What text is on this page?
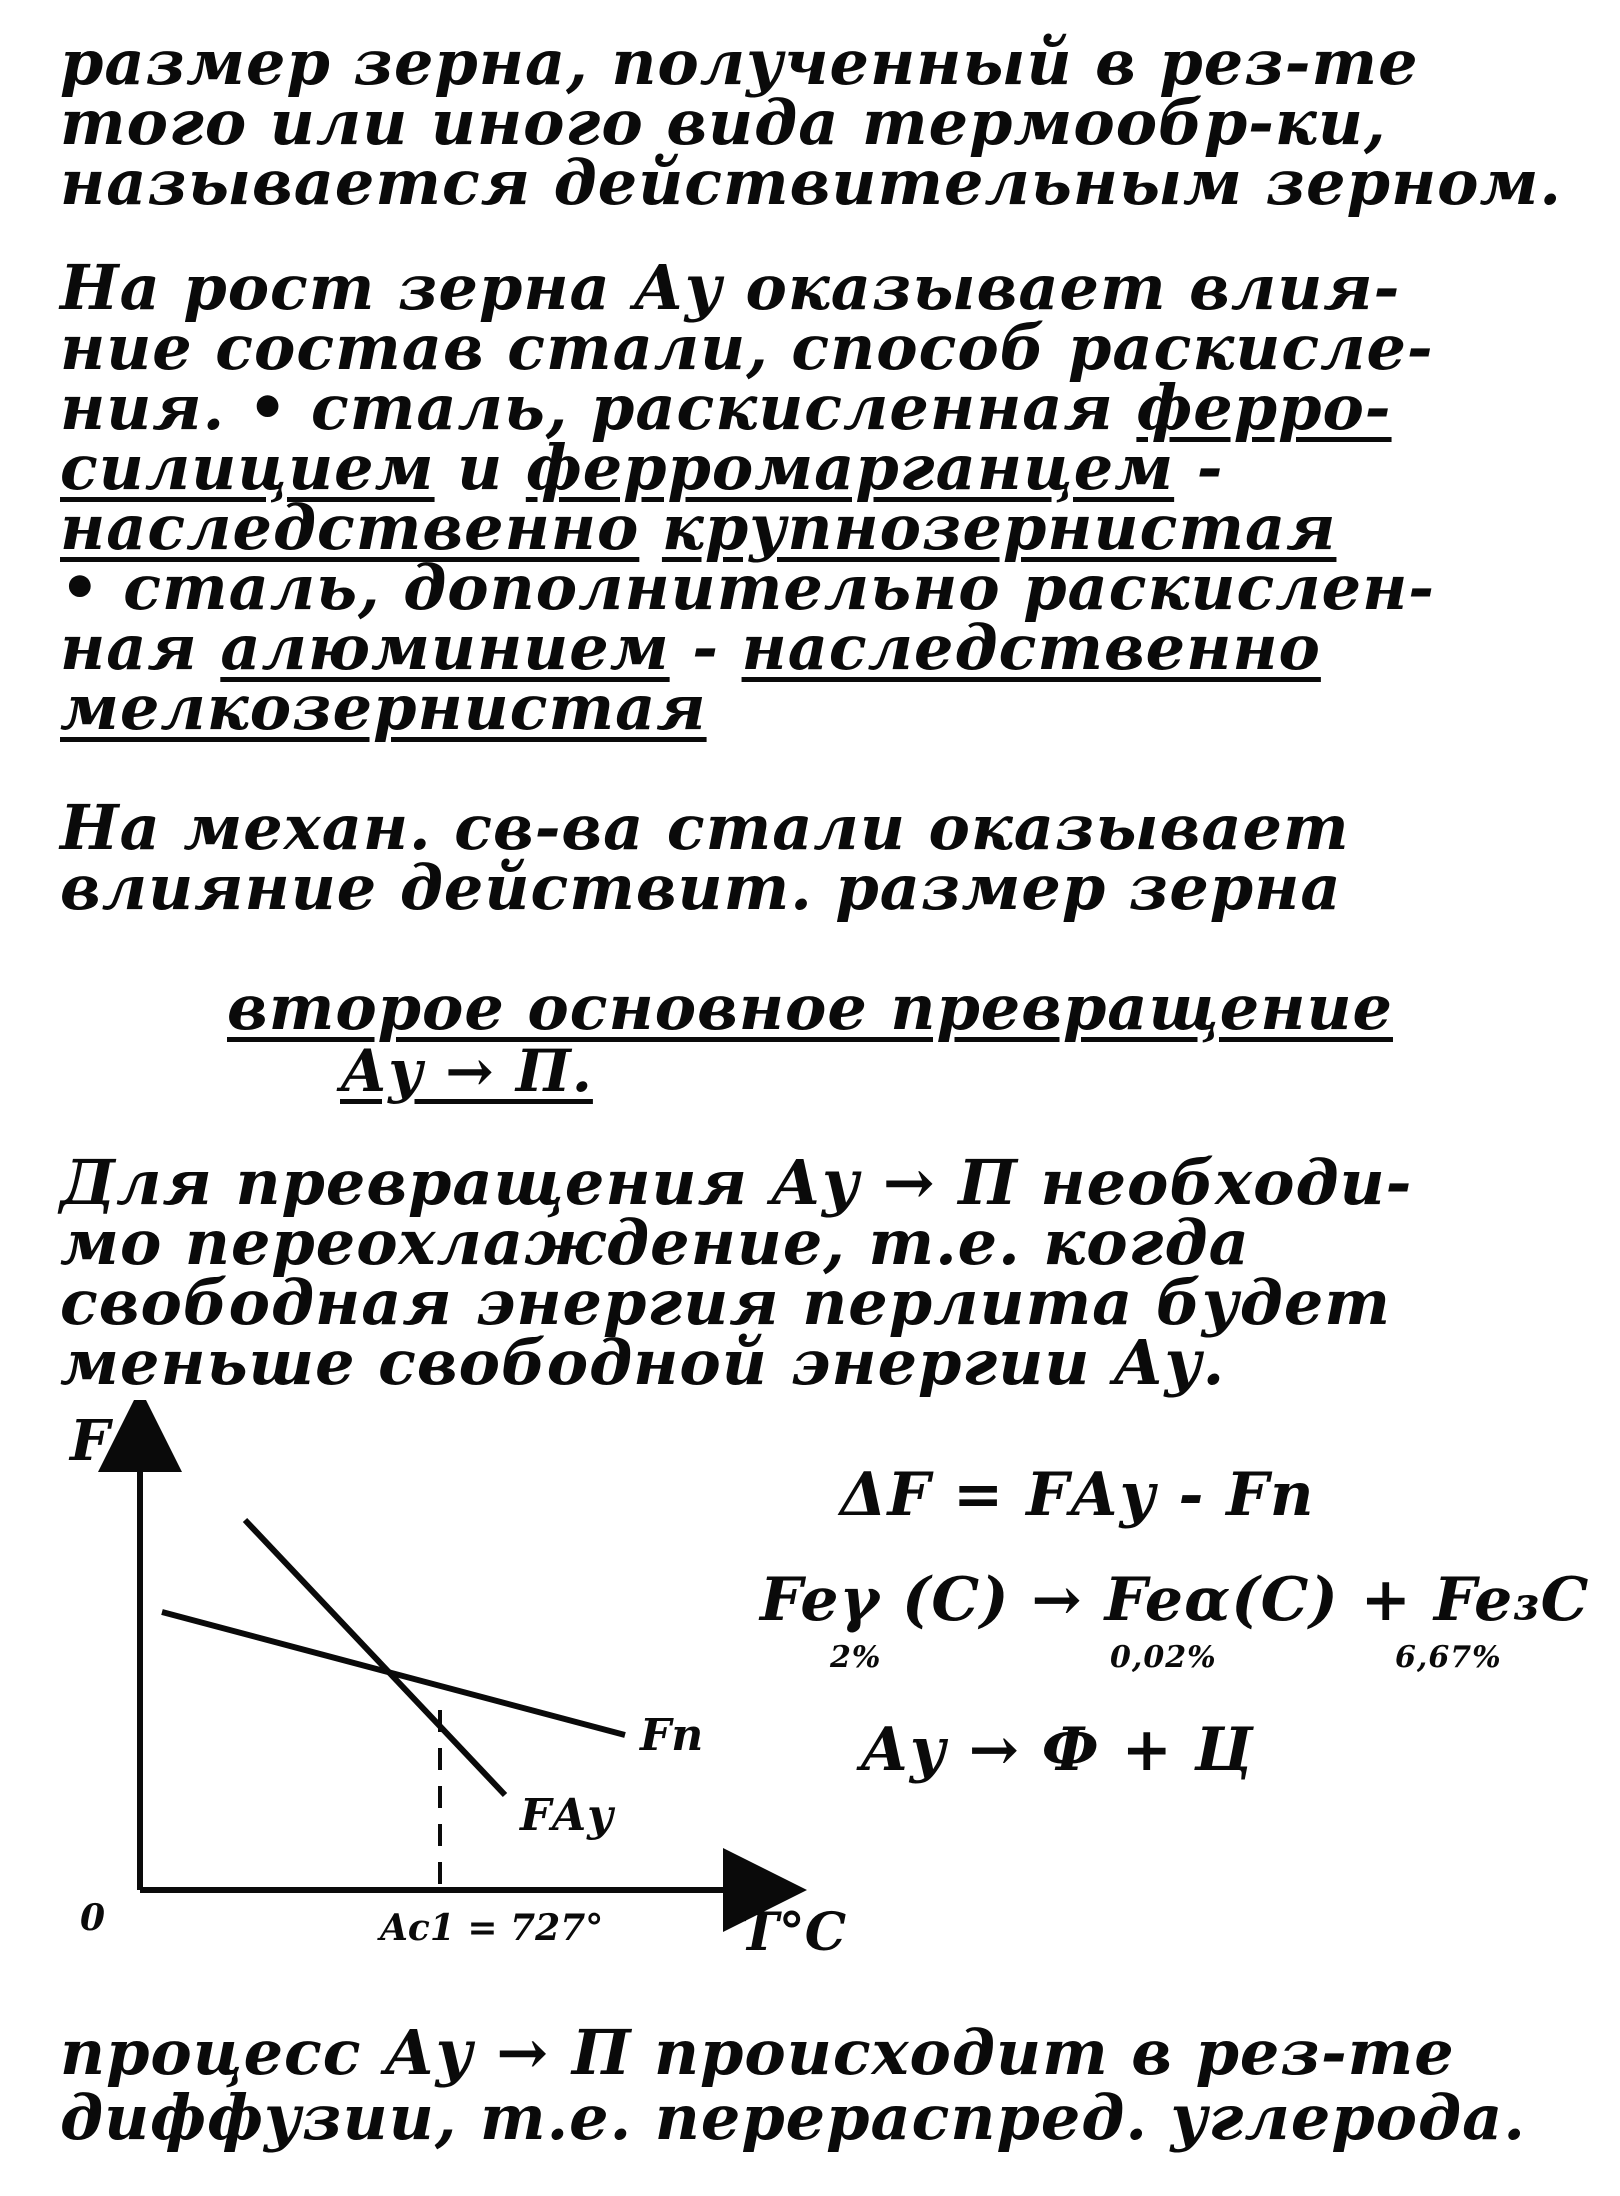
размер зерна, полученный в рез-те
того или иного вида термообр-ки,
называется действительным зерном.
На рост зерна Ау оказывает влия-
ние состав стали, способ раскисле-
ния. • сталь, раскисленная ферро-
силицием и ферромарганцем -
наследственно крупнозернистая
• сталь, дополнительно раскислен-
ная алюминием - наследственно
мелкозернистая
На механ. св-ва стали оказывает
влияние действит. размер зерна
второе основное превращение
Ау → П.
Для превращения Ау → П необходи-
мо переохлаждение, т.е. когда
свободная энергия перлита будет
меньше свободной энергии Ау.
F
0	T°C
Ac1 = 727°
Fп
FАу
ΔF = FАу - Fп
Feγ (C) → Feα(C) + Fe₃C
2%	0,02%	6,67%
Ау → Ф + Ц
процесс Ау → П происходит в рез-те
диффузии, т.е. перераспред. углерода.
